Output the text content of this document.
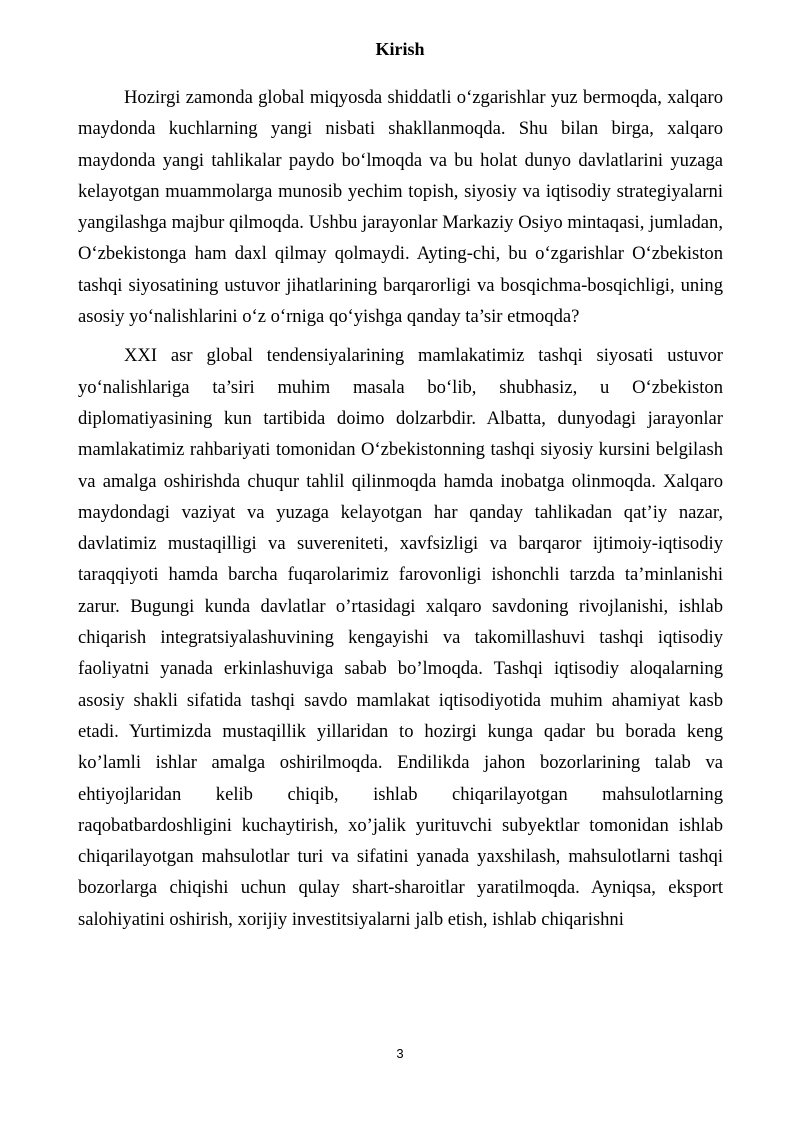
Kirish

Hozirgi zamonda global miqyosda shiddatli o‘zgarishlar yuz bermoqda, xalqaro maydonda kuchlarning yangi nisbati shakllanmoqda. Shu bilan birga, xalqaro maydonda yangi tahlikalar paydo bo‘lmoqda va bu holat dunyo davlatlarini yuzaga kelayotgan muammolarga munosib yechim topish, siyosiy va iqtisodiy strategiyalarni yangilashga majbur qilmoqda. Ushbu jarayonlar Markaziy Osiyo mintaqasi, jumladan, O‘zbekistonga ham daxl qilmay qolmaydi. Ayting-chi, bu o‘zgarishlar O‘zbekiston tashqi siyosatining ustuvor jihatlarining barqarorligi va bosqichma-bosqichligi, uning asosiy yo‘nalishlarini o‘z o‘rniga qo‘yishga qanday ta’sir etmoqda?

XXI asr global tendensiyalarining mamlakatimiz tashqi siyosati ustuvor yo‘nalishlariga ta’siri muhim masala bo‘lib, shubhasiz, u O‘zbekiston diplomatiyasining kun tartibida doimo dolzarbdir. Albatta, dunyodagi jarayonlar mamlakatimiz rahbariyati tomonidan O‘zbekistonning tashqi siyosiy kursini belgilash va amalga oshirishda chuqur tahlil qilinmoqda hamda inobatga olinmoqda. Xalqaro maydondagi vaziyat va yuzaga kelayotgan har qanday tahlikadan qat’iy nazar, davlatimiz mustaqilligi va suvereniteti, xavfsizligi va barqaror ijtimoiy-iqtisodiy taraqqiyoti hamda barcha fuqarolarimiz farovonligi ishonchli tarzda ta’minlanishi zarur. Bugungi kunda davlatlar o’rtasidagi xalqaro savdoning rivojlanishi, ishlab chiqarish integratsiyalashuvining kengayishi va takomillashuvi tashqi iqtisodiy faoliyatni yanada erkinlashuviga sabab bo’lmoqda. Tashqi iqtisodiy aloqalarning asosiy shakli sifatida tashqi savdo mamlakat iqtisodiyotida muhim ahamiyat kasb etadi. Yurtimizda mustaqillik yillaridan to hozirgi kunga qadar bu borada keng ko’lamli ishlar amalga oshirilmoqda. Endilikda jahon bozorlarining talab va ehtiyojlaridan kelib chiqib, ishlab chiqarilayotgan mahsulotlarning raqobatbardoshligini kuchaytirish, xo’jalik yurituvchi subyektlar tomonidan ishlab chiqarilayotgan mahsulotlar turi va sifatini yanada yaxshilash, mahsulotlarni tashqi bozorlarga chiqishi uchun qulay shart-sharoitlar yaratilmoqda. Ayniqsa, eksport salohiyatini oshirish, xorijiy investitsiyalarni jalb etish, ishlab chiqarishni

3
